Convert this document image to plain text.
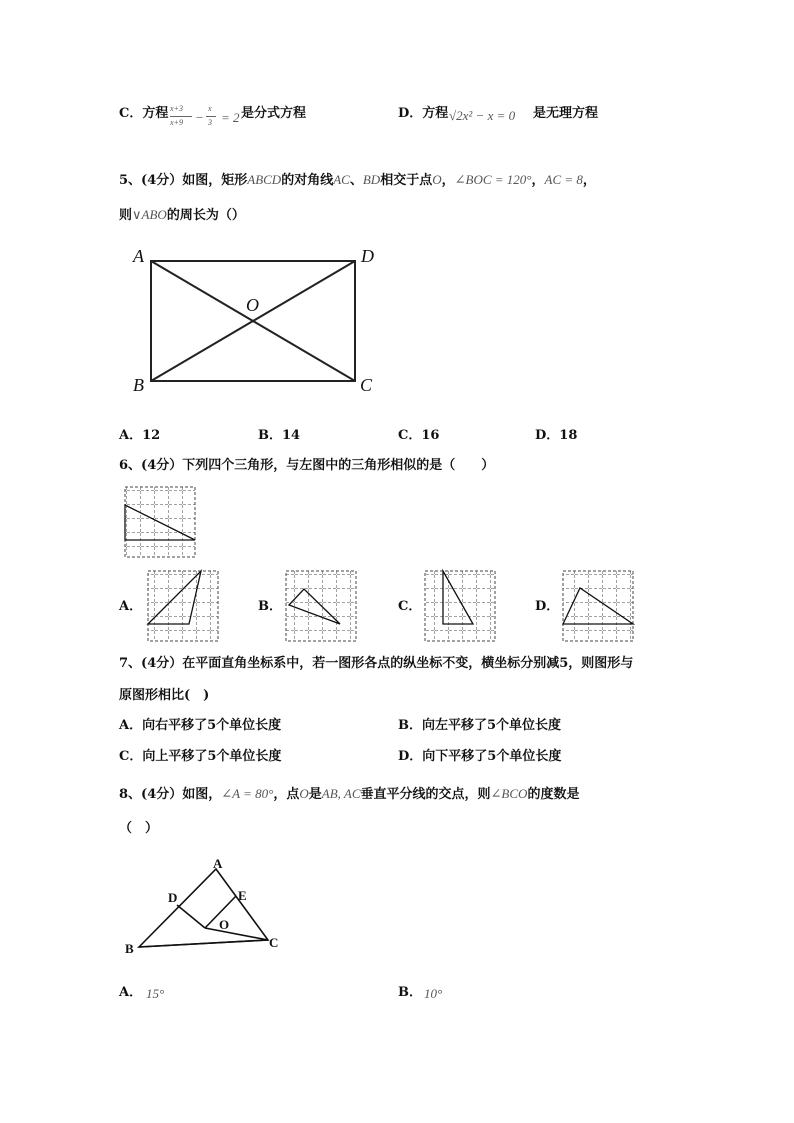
C．方程 x+3
x+9 −
x
3 = 2 是分式方程	D．方程 √2x² − x = 0 是无理方程
5、(4分）如图，矩形ABCD的对角线AC、BD相交于点O，∠BOC = 120°，AC = 8，
则∨ABO的周长为（）
A	D
B	C
O
A．12	B．14	C．16	D．18
6、(4分）下列四个三角形，与左图中的三角形相似的是（　　）
A．	B．	C．	D．
7、(4分）在平面直角坐标系中，若一图形各点的纵坐标不变，横坐标分别减5，则图形与
原图形相比(　)
A．向右平移了5个单位长度	B．向左平移了5个单位长度
C．向上平移了5个单位长度	D．向下平移了5个单位长度
8、(4分）如图，∠A = 80°，点O是AB, AC垂直平分线的交点，则∠BCO的度数是
（　）
A
D	E
O
B	C
A． 15°	B． 10°
